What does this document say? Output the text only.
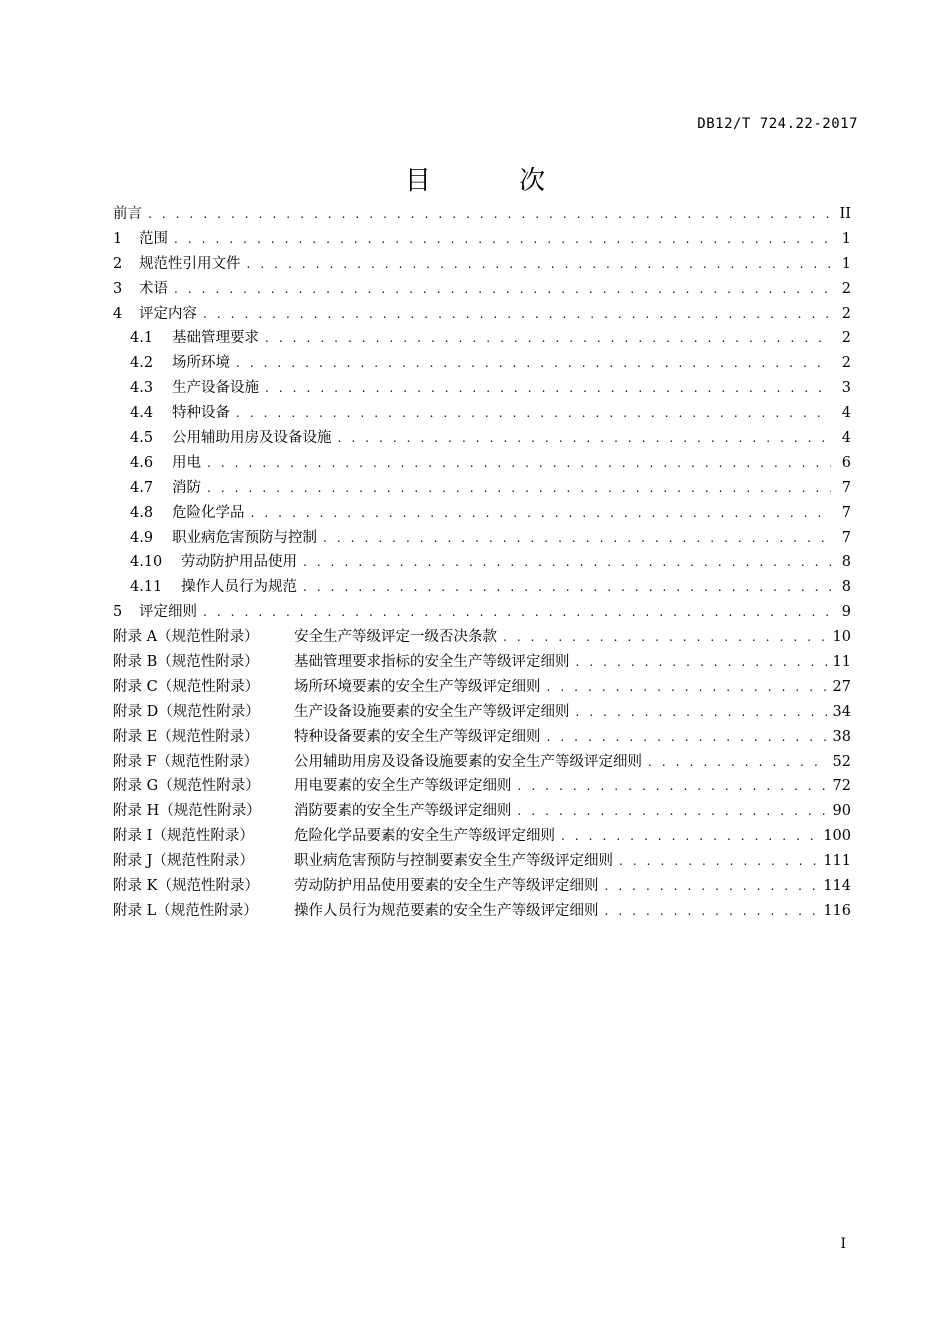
DB12/T 724.22-2017
目 次
前言 . . .	II
1	范围 . . .	1
2	规范性引用文件 . . .	1
3	术语 . . .	2
4	评定内容 . . .	2
4.1	基础管理要求 . . .	2
4.2	场所环境 . . .	2
4.3	生产设备设施 . . .	3
4.4	特种设备 . . .	4
4.5	公用辅助用房及设备设施 . . .	4
4.6	用电 . . .	6
4.7	消防 . . .	7
4.8	危险化学品 . . .	7
4.9	职业病危害预防与控制 . . .	7
4.10	劳动防护用品使用 . . .	8
4.11	操作人员行为规范 . . .	8
5	评定细则 . . .	9
附录 A（规范性附录）	安全生产等级评定一级否决条款 . . .	10
附录 B（规范性附录）	基础管理要求指标的安全生产等级评定细则 . . .	11
附录 C（规范性附录）	场所环境要素的安全生产等级评定细则 . . .	27
附录 D（规范性附录）	生产设备设施要素的安全生产等级评定细则 . . .	34
附录 E（规范性附录）	特种设备要素的安全生产等级评定细则 . . .	38
附录 F（规范性附录）	公用辅助用房及设备设施要素的安全生产等级评定细则 . . .	52
附录 G（规范性附录）	用电要素的安全生产等级评定细则 . . .	72
附录 H（规范性附录）	消防要素的安全生产等级评定细则 . . .	90
附录 I（规范性附录）	危险化学品要素的安全生产等级评定细则 . . .	100
附录 J（规范性附录）	职业病危害预防与控制要素安全生产等级评定细则 . . .	111
附录 K（规范性附录）	劳动防护用品使用要素的安全生产等级评定细则 . . .	114
附录 L（规范性附录）	操作人员行为规范要素的安全生产等级评定细则 . . .	116
I
